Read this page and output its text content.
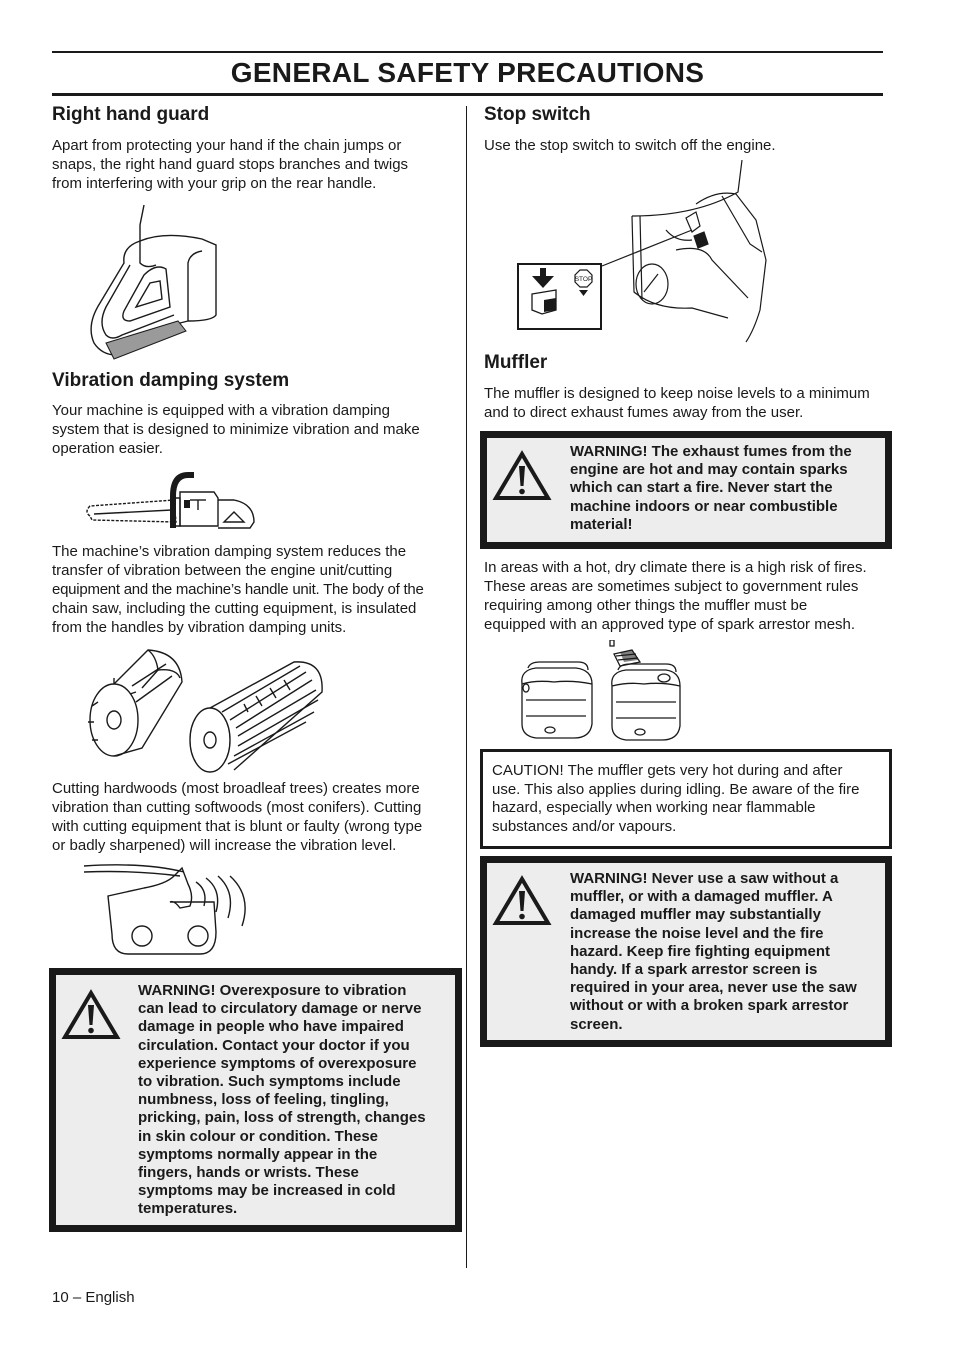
GENERAL SAFETY PRECAUTIONS
Right hand guard
Apart from protecting your hand if the chain jumps or
snaps, the right hand guard stops branches and twigs
from interfering with your grip on the rear handle.
Vibration damping system
Your machine is equipped with a vibration damping
system that is designed to minimize vibration and make
operation easier.
The machine’s vibration damping system reduces the
transfer of vibration between the engine unit/cutting
equipment and the machine’s handle unit. The body of the
chain saw, including the cutting equipment, is insulated
from the handles by vibration damping units.
Cutting hardwoods (most broadleaf trees) creates more
vibration than cutting softwoods (most conifers). Cutting
with cutting equipment that is blunt or faulty (wrong type
or badly sharpened) will increase the vibration level.
WARNING! Overexposure to vibration
can lead to circulatory damage or nerve
damage in people who have impaired
circulation. Contact your doctor if you
experience symptoms of overexposure
to vibration. Such symptoms include
numbness, loss of feeling, tingling,
pricking, pain, loss of strength, changes
in skin colour or condition. These
symptoms normally appear in the
fingers, hands or wrists. These
symptoms may be increased in cold
temperatures.
Stop switch
Use the stop switch to switch off the engine.
STOP
Muffler
The muffler is designed to keep noise levels to a minimum
and to direct exhaust fumes away from the user.
WARNING! The exhaust fumes from the
engine are hot and may contain sparks
which can start a fire. Never start the
machine indoors or near combustible
material!
In areas with a hot, dry climate there is a high risk of fires.
These areas are sometimes subject to government rules
requiring among other things the muffler must be
equipped with an approved type of spark arrestor mesh.
CAUTION! The muffler gets very hot during and after
use. This also applies during idling. Be aware of the fire
hazard, especially when working near flammable
substances and/or vapours.
WARNING! Never use a saw without a
muffler, or with a damaged muffler. A
damaged muffler may substantially
increase the noise level and the fire
hazard. Keep fire fighting equipment
handy. If a spark arrestor screen is
required in your area, never use the saw
without or with a broken spark arrestor
screen.
10 – English
